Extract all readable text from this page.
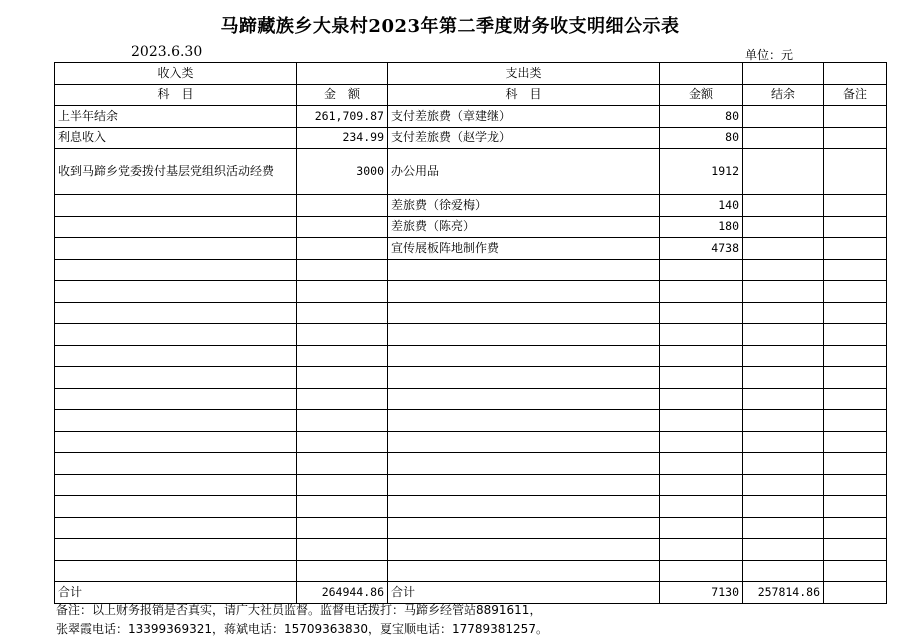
马蹄藏族乡大泉村2023年第二季度财务收支明细公示表
2023.6.30	单位：元
收入类		支出类			
科　目	金　额	科　目	金额	结余	备注
上半年结余	261,709.87	支付差旅费（章建继）	80		
利息收入	234.99	支付差旅费（赵学龙）	80		
收到马蹄乡党委拨付基层党组织活动经费	3000	办公用品	1912		
		差旅费（徐爱梅）	140		
		差旅费（陈亮）	180		
		宣传展板阵地制作费	4738		

合计	264944.86	合计	7130	257814.86	
备注：以上财务报销是否真实，请广大社员监督。监督电话拨打：马蹄乡经管站8891611，
张翠霞电话：13399369321，蒋斌电话：15709363830，夏宝顺电话：17789381257。
